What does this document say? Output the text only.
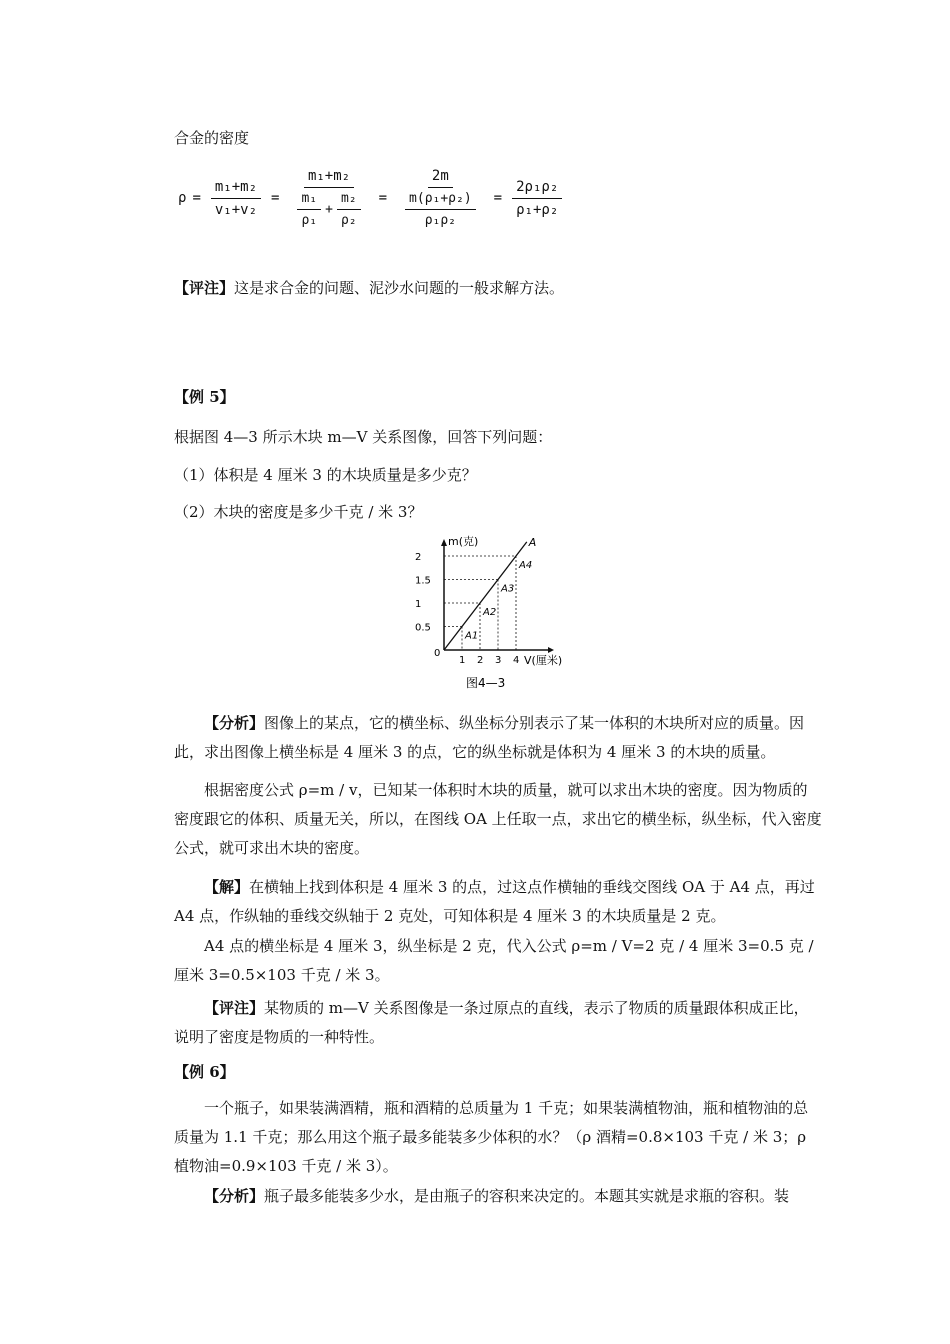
合金的密度
$\rho = \frac{\text{m₁+m₂}}{\text{v₁+v₂}} = \frac{\text{m₁+m₂}}{\frac{\text{m₁}}{\text{ρ₁}} + \frac{\text{m₂}}{\text{ρ₂}}} = \frac{2m}{\frac{\text{m(ρ₁+ρ₂)}}{\text{ρ₁ρ₂}}} = \frac{\text{2ρ₁ρ₂}}{\text{ρ₁+ρ₂}}$
【评注】这是求合金的问题、泥沙水问题的一般求解方法。
【例 5】
根据图 4—3 所示木块 m—V 关系图像，回答下列问题：
（1）体积是 4 厘米 3 的木块质量是多少克？
（2）木块的密度是多少千克 / 米 3？
A1
A2
A3
A4
1 2 3 4
0.5
1
1.5
2
0
m(克)
V(厘米)
A
图4—3

【分析】图像上的某点，它的横坐标、纵坐标分别表示了某一体积的木块所对应的质量。因此，求出图像上横坐标是 4 厘米 3 的点，它的纵坐标就是体积为 4 厘米 3 的木块的质量。

根据密度公式 ρ=m / v，已知某一体积时木块的质量，就可以求出木块的密度。因为物质的密度跟它的体积、质量无关，所以，在图线 OA 上任取一点，求出它的横坐标，纵坐标，代入密度公式，就可求出木块的密度。

【解】在横轴上找到体积是 4 厘米 3 的点，过这点作横轴的垂线交图线 OA 于 A4 点，再过 A4 点，作纵轴的垂线交纵轴于 2 克处，可知体积是 4 厘米 3 的木块质量是 2 克。

A4 点的横坐标是 4 厘米 3，纵坐标是 2 克，代入公式 ρ=m / V=2 克 / 4 厘米 3=0.5 克 / 厘米 3=0.5×103 千克 / 米 3。

【评注】某物质的 m—V 关系图像是一条过原点的直线，表示了物质的质量跟体积成正比，说明了密度是物质的一种特性。

【例 6】

一个瓶子，如果装满酒精，瓶和酒精的总质量为 1 千克；如果装满植物油，瓶和植物油的总质量为 1.1 千克；那么用这个瓶子最多能装多少体积的水？（ρ 酒精=0.8×103 千克 / 米 3；ρ 植物油=0.9×103 千克 / 米 3）。

【分析】瓶子最多能装多少水，是由瓶子的容积来决定的。本题其实就是求瓶的容积。装
